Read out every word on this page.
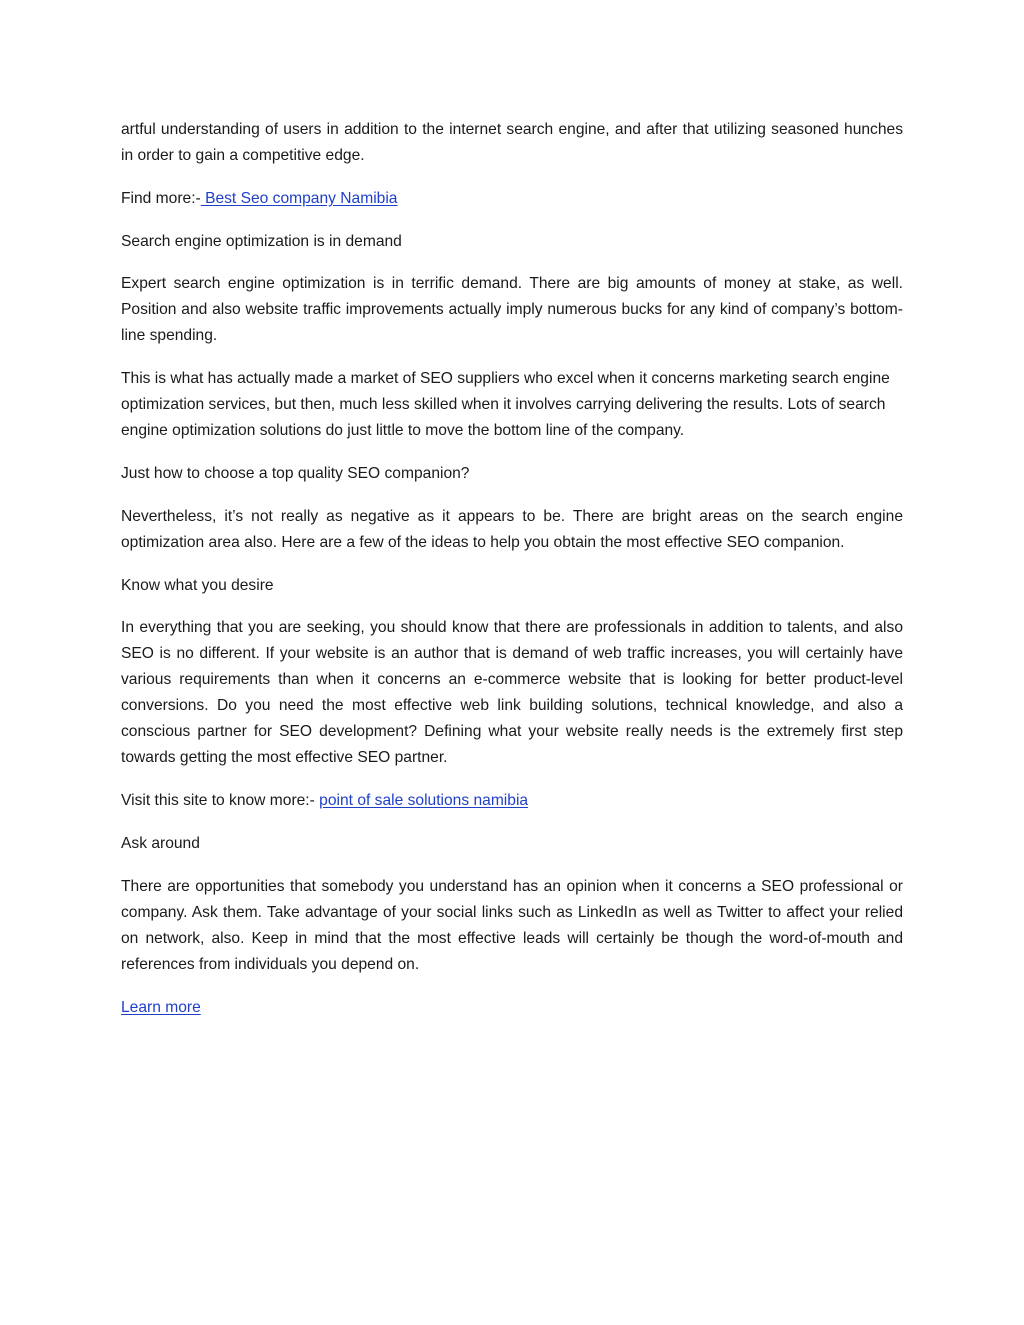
artful understanding of users in addition to the internet search engine, and after that utilizing seasoned hunches in order to gain a competitive edge.

Find more:- Best Seo company Namibia

Search engine optimization is in demand

Expert search engine optimization is in terrific demand. There are big amounts of money at stake, as well. Position and also website traffic improvements actually imply numerous bucks for any kind of company’s bottom-line spending.

This is what has actually made a market of SEO suppliers who excel when it concerns marketing search engine optimization services, but then, much less skilled when it involves carrying delivering the results. Lots of search engine optimization solutions do just little to move the bottom line of the company.

Just how to choose a top quality SEO companion?

Nevertheless, it’s not really as negative as it appears to be. There are bright areas on the search engine optimization area also. Here are a few of the ideas to help you obtain the most effective SEO companion.

Know what you desire

In everything that you are seeking, you should know that there are professionals in addition to talents, and also SEO is no different. If your website is an author that is demand of web traffic increases, you will certainly have various requirements than when it concerns an e-commerce website that is looking for better product-level conversions. Do you need the most effective web link building solutions, technical knowledge, and also a conscious partner for SEO development? Defining what your website really needs is the extremely first step towards getting the most effective SEO partner.

Visit this site to know more:- point of sale solutions namibia

Ask around

There are opportunities that somebody you understand has an opinion when it concerns a SEO professional or company. Ask them. Take advantage of your social links such as LinkedIn as well as Twitter to affect your relied on network, also. Keep in mind that the most effective leads will certainly be though the word-of-mouth and references from individuals you depend on.

Learn more
